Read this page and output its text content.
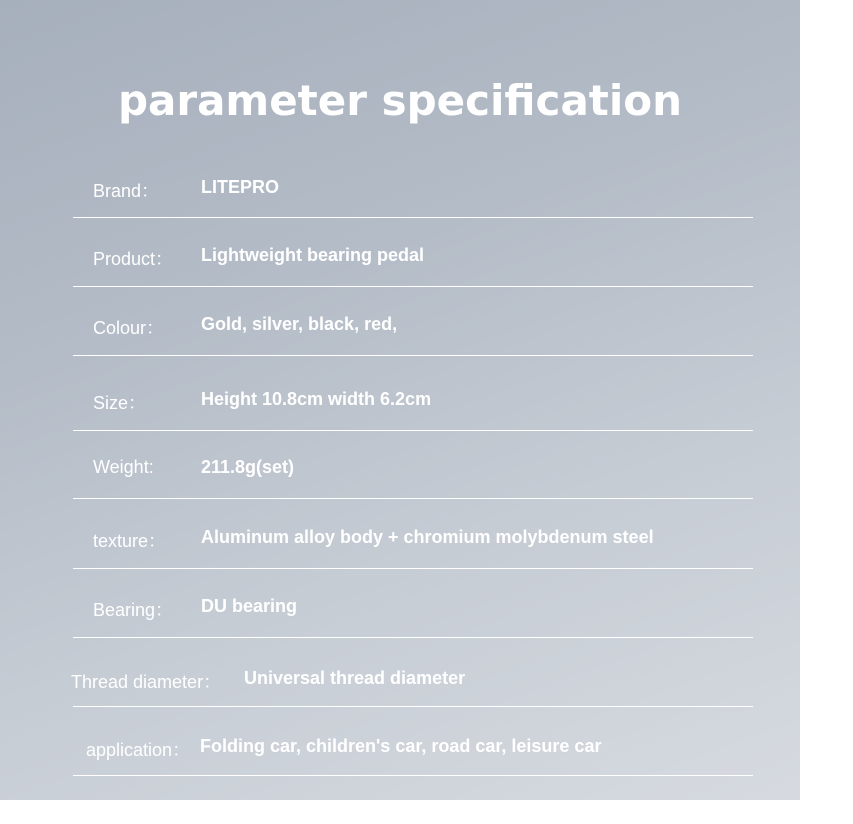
parameter specification
Brand： LITEPRO
Product： Lightweight bearing pedal
Colour： Gold, silver, black, red,
Size：	Height 10.8cm width 6.2cm
Weight:	211.8g(set)
texture： Aluminum alloy body + chromium molybdenum steel
Bearing： DU bearing
Thread diameter： Universal thread diameter
application： Folding car, children's car, road car, leisure car
